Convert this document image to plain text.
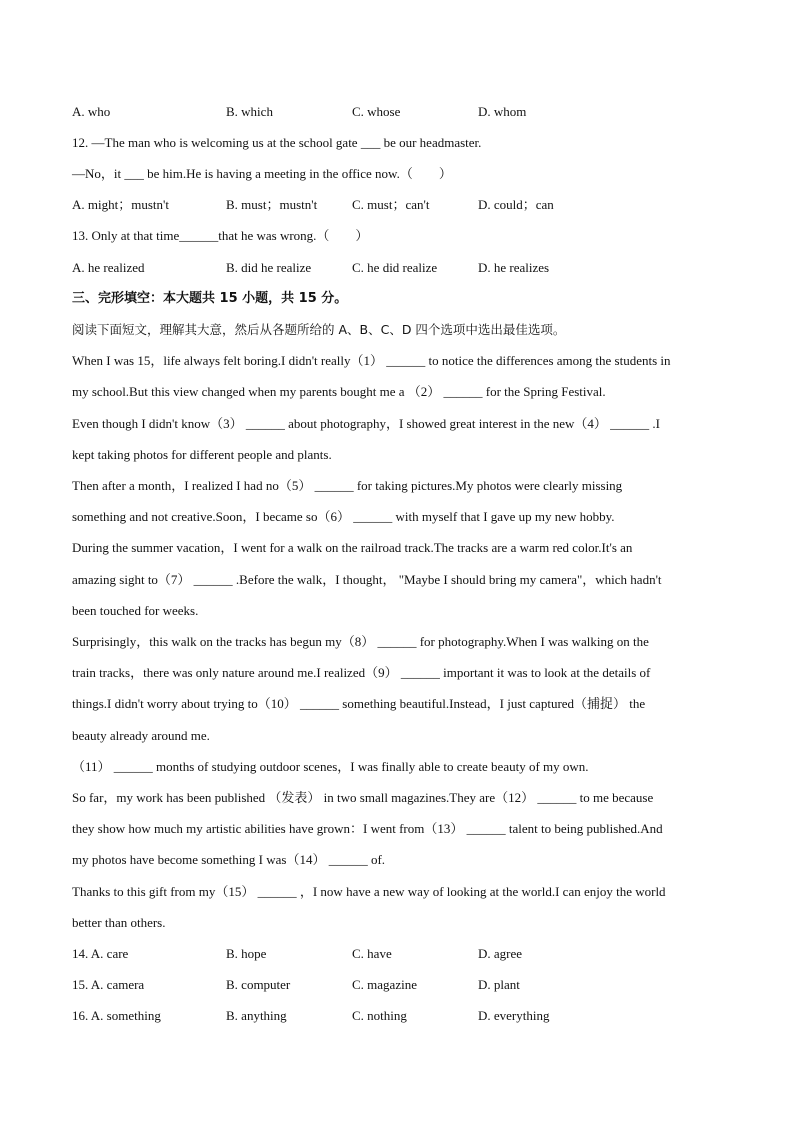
A. who	B. which	C. whose	D. whom
12. —The man who is welcoming us at the school gate ___ be our headmaster.
—No，it ___ be him.He is having a meeting in the office now.（　　）
A. might；mustn't	B. must；mustn't	C. must；can't	D. could；can
13. Only at that time______that he was wrong.（　　）
A. he realized	B. did he realize	C. he did realize	D. he realizes
三、完形填空：本大题共 15 小题，共 15 分。
阅读下面短文，理解其大意，然后从各题所给的 A、B、C、D 四个选项中选出最佳选项。
When I was 15，life always felt boring.I didn't really（1） ______ to notice the differences among the students in
my school.But this view changed when my parents bought me a （2） ______ for the Spring Festival.
Even though I didn't know（3） ______ about photography，I showed great interest in the new（4） ______ .I
kept taking photos for different people and plants.
Then after a month，I realized I had no（5） ______ for taking pictures.My photos were clearly missing
something and not creative.Soon，I became so（6） ______ with myself that I gave up my new hobby.
During the summer vacation，I went for a walk on the railroad track.The tracks are a warm red color.It's an
amazing sight to（7） ______ .Before the walk，I thought， "Maybe I should bring my camera"，which hadn't
been touched for weeks.
Surprisingly，this walk on the tracks has begun my（8） ______ for photography.When I was walking on the
train tracks，there was only nature around me.I realized（9） ______ important it was to look at the details of
things.I didn't worry about trying to（10） ______ something beautiful.Instead，I just captured（捕捉） the
beauty already around me.
（11） ______ months of studying outdoor scenes，I was finally able to create beauty of my own.
So far，my work has been published （发表） in two small magazines.They are（12） ______ to me because
they show how much my artistic abilities have grown：I went from（13） ______ talent to being published.And
my photos have become something I was（14） ______ of.
Thanks to this gift from my（15） ______ ，I now have a new way of looking at the world.I can enjoy the world
better than others.
14. A. care	B. hope	C. have	D. agree
15. A. camera	B. computer	C. magazine	D. plant
16. A. something	B. anything	C. nothing	D. everything
